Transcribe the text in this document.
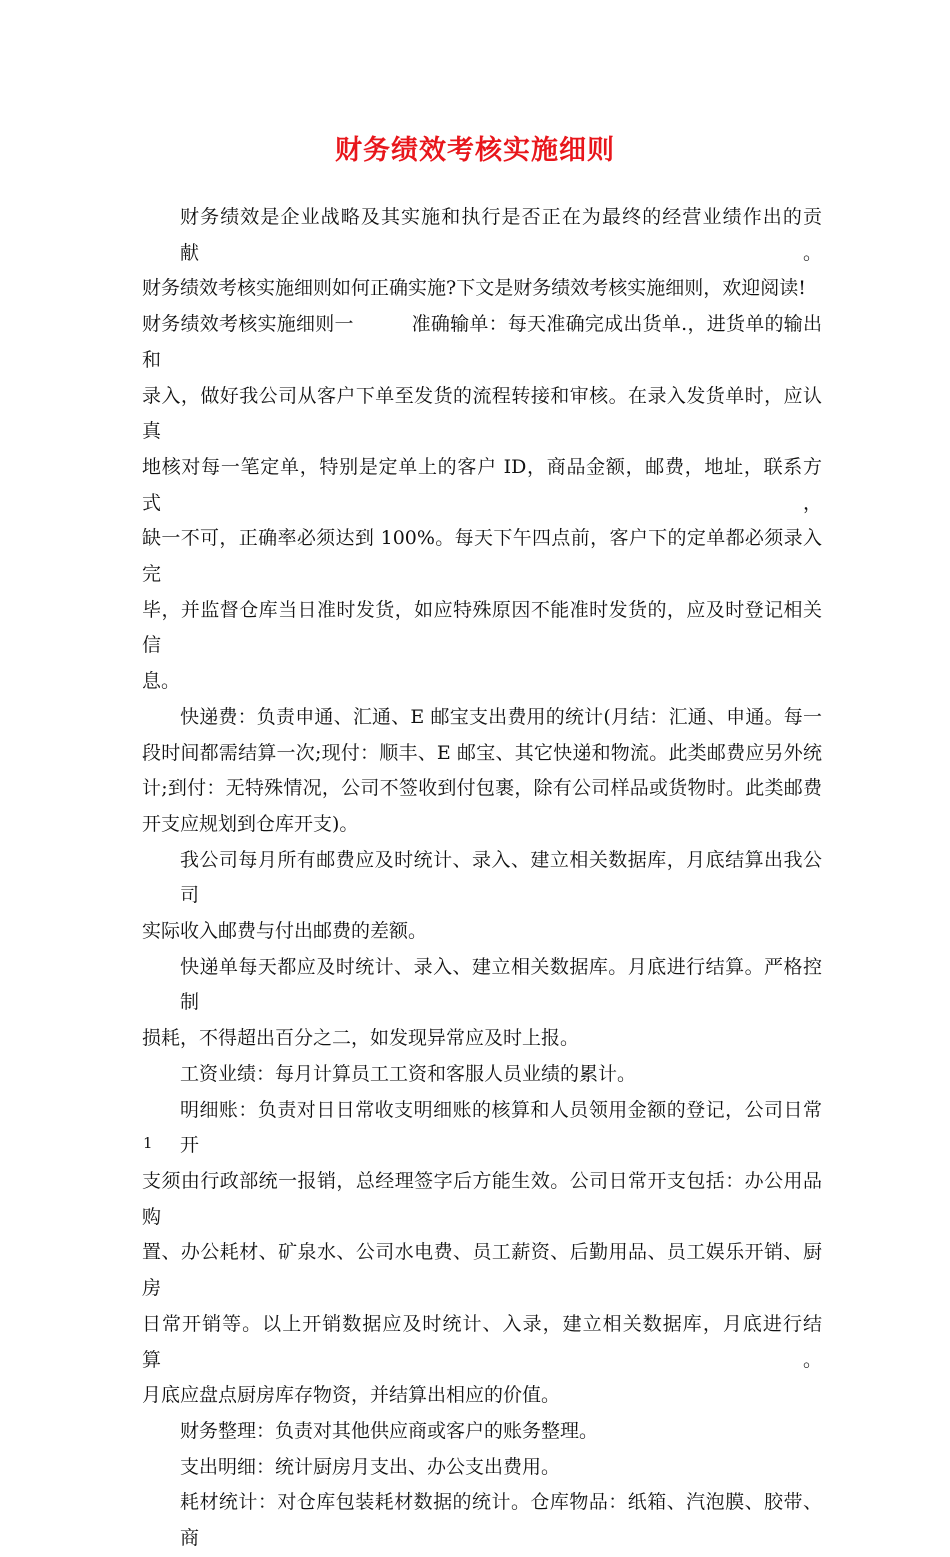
财务绩效考核实施细则
财务绩效是企业战略及其实施和执行是否正在为最终的经营业绩作出的贡献。
财务绩效考核实施细则如何正确实施?下文是财务绩效考核实施细则，欢迎阅读!
财务绩效考核实施细则一　　　准确输单：每天准确完成出货单.，进货单的输出和
录入，做好我公司从客户下单至发货的流程转接和审核。在录入发货单时，应认真
地核对每一笔定单，特别是定单上的客户 ID，商品金额，邮费，地址，联系方式，
缺一不可，正确率必须达到 100%。每天下午四点前，客户下的定单都必须录入完
毕，并监督仓库当日准时发货，如应特殊原因不能准时发货的，应及时登记相关信
息。
快递费：负责申通、汇通、E 邮宝支出费用的统计(月结：汇通、申通。每一
段时间都需结算一次;现付：顺丰、E 邮宝、其它快递和物流。此类邮费应另外统
计;到付：无特殊情况，公司不签收到付包裹，除有公司样品或货物时。此类邮费
开支应规划到仓库开支)。
我公司每月所有邮费应及时统计、录入、建立相关数据库，月底结算出我公司
实际收入邮费与付出邮费的差额。
快递单每天都应及时统计、录入、建立相关数据库。月底进行结算。严格控制
损耗，不得超出百分之二，如发现异常应及时上报。
工资业绩：每月计算员工工资和客服人员业绩的累计。
明细账：负责对日日常收支明细账的核算和人员领用金额的登记，公司日常开
支须由行政部统一报销，总经理签字后方能生效。公司日常开支包括：办公用品购
置、办公耗材、矿泉水、公司水电费、员工薪资、后勤用品、员工娱乐开销、厨房
日常开销等。以上开销数据应及时统计、入录，建立相关数据库，月底进行结算。
月底应盘点厨房库存物资，并结算出相应的价值。
财务整理：负责对其他供应商或客户的账务整理。
支出明细：统计厨房月支出、办公支出费用。
耗材统计：对仓库包装耗材数据的统计。仓库物品：纸箱、汽泡膜、胶带、商
1
